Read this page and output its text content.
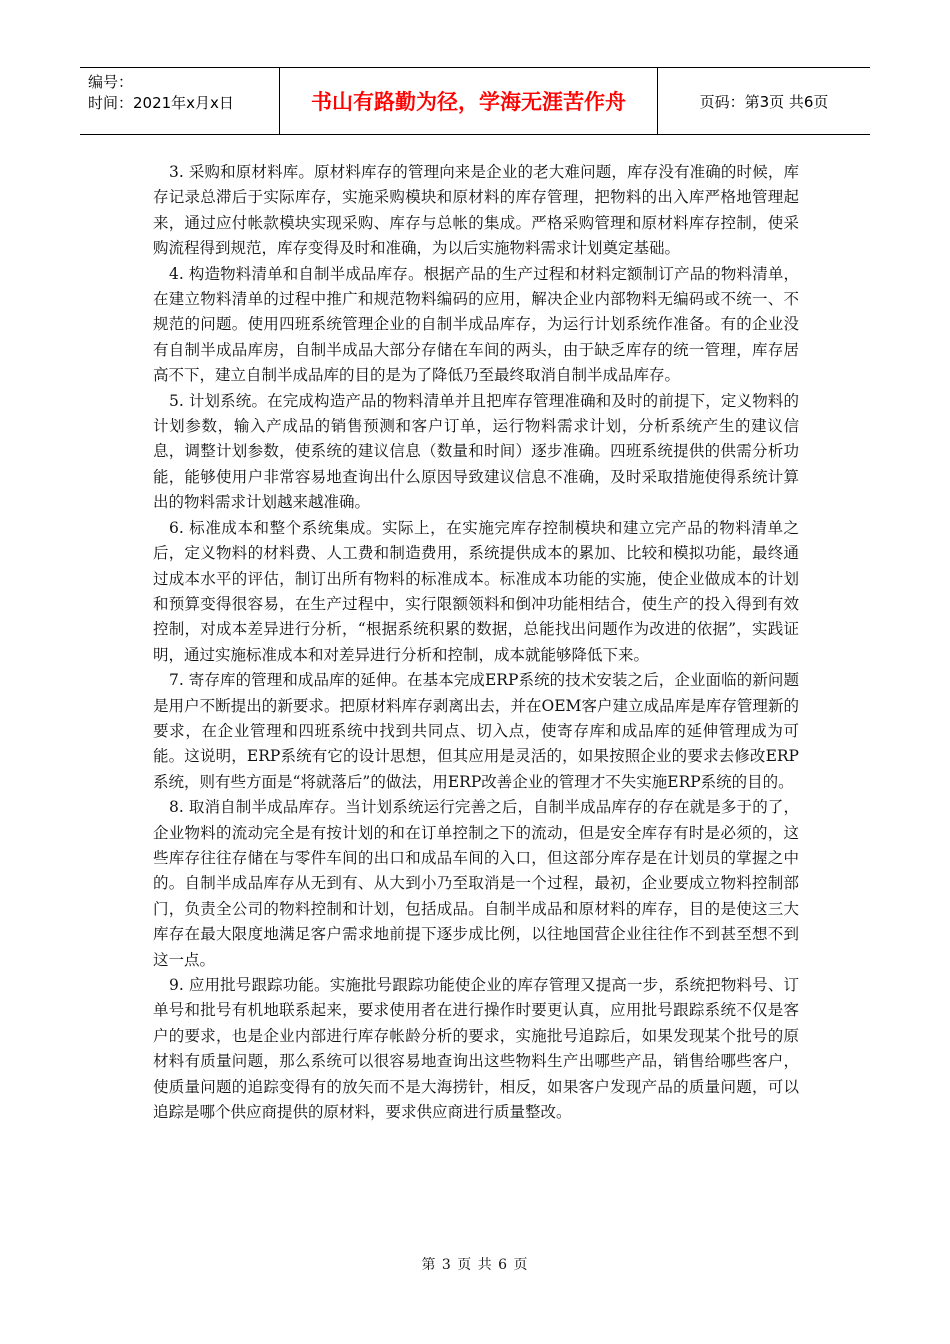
编号：
时间：2021年x月x日	书山有路勤为径，学海无涯苦作舟	页码：第3页 共6页

3. 采购和原材料库。原材料库存的管理向来是企业的老大难问题，库存没有准确的时候，库存记录总滞后于实际库存，实施采购模块和原材料的库存管理，把物料的出入库严格地管理起来，通过应付帐款模块实现采购、库存与总帐的集成。严格采购管理和原材料库存控制，使采购流程得到规范，库存变得及时和准确，为以后实施物料需求计划奠定基础。

4. 构造物料清单和自制半成品库存。根据产品的生产过程和材料定额制订产品的物料清单，在建立物料清单的过程中推广和规范物料编码的应用，解决企业内部物料无编码或不统一、不规范的问题。使用四班系统管理企业的自制半成品库存，为运行计划系统作准备。有的企业没有自制半成品库房，自制半成品大部分存储在车间的两头，由于缺乏库存的统一管理，库存居高不下，建立自制半成品库的目的是为了降低乃至最终取消自制半成品库存。

5. 计划系统。在完成构造产品的物料清单并且把库存管理准确和及时的前提下，定义物料的计划参数，输入产成品的销售预测和客户订单，运行物料需求计划，分析系统产生的建议信息，调整计划参数，使系统的建议信息（数量和时间）逐步准确。四班系统提供的供需分析功能，能够使用户非常容易地查询出什么原因导致建议信息不准确，及时采取措施使得系统计算出的物料需求计划越来越准确。

6. 标准成本和整个系统集成。实际上，在实施完库存控制模块和建立完产品的物料清单之后，定义物料的材料费、人工费和制造费用，系统提供成本的累加、比较和模拟功能，最终通过成本水平的评估，制订出所有物料的标准成本。标准成本功能的实施，使企业做成本的计划和预算变得很容易，在生产过程中，实行限额领料和倒冲功能相结合，使生产的投入得到有效控制，对成本差异进行分析，“根据系统积累的数据，总能找出问题作为改进的依据”，实践证明，通过实施标准成本和对差异进行分析和控制，成本就能够降低下来。

7. 寄存库的管理和成品库的延伸。在基本完成ERP系统的技术安装之后，企业面临的新问题是用户不断提出的新要求。把原材料库存剥离出去，并在OEM客户建立成品库是库存管理新的要求，在企业管理和四班系统中找到共同点、切入点，使寄存库和成品库的延伸管理成为可能。这说明，ERP系统有它的设计思想，但其应用是灵活的，如果按照企业的要求去修改ERP系统，则有些方面是“将就落后”的做法，用ERP改善企业的管理才不失实施ERP系统的目的。

8. 取消自制半成品库存。当计划系统运行完善之后，自制半成品库存的存在就是多于的了，企业物料的流动完全是有按计划的和在订单控制之下的流动，但是安全库存有时是必须的，这些库存往往存储在与零件车间的出口和成品车间的入口，但这部分库存是在计划员的掌握之中的。自制半成品库存从无到有、从大到小乃至取消是一个过程，最初，企业要成立物料控制部门，负责全公司的物料控制和计划，包括成品。自制半成品和原材料的库存，目的是使这三大库存在最大限度地满足客户需求地前提下逐步成比例，以往地国营企业往往作不到甚至想不到这一点。

9. 应用批号跟踪功能。实施批号跟踪功能使企业的库存管理又提高一步，系统把物料号、订单号和批号有机地联系起来，要求使用者在进行操作时要更认真，应用批号跟踪系统不仅是客户的要求，也是企业内部进行库存帐龄分析的要求，实施批号追踪后，如果发现某个批号的原材料有质量问题，那么系统可以很容易地查询出这些物料生产出哪些产品，销售给哪些客户，使质量问题的追踪变得有的放矢而不是大海捞针，相反，如果客户发现产品的质量问题，可以追踪是哪个供应商提供的原材料，要求供应商进行质量整改。

第 3 页 共 6 页
